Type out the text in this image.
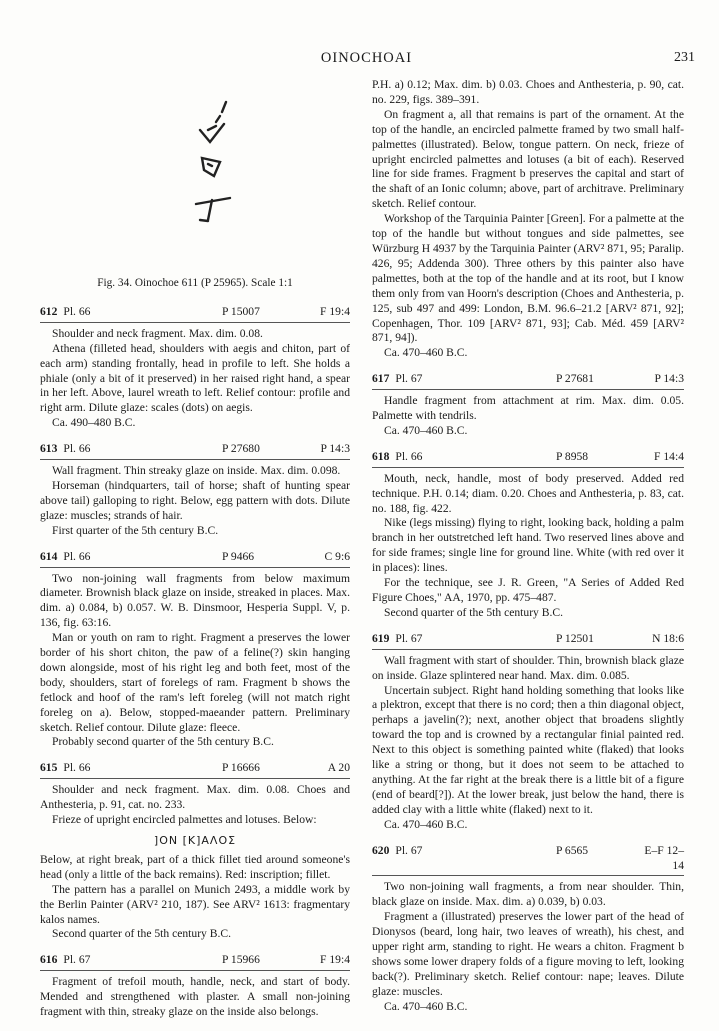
OINOCHOAI	231

Fig. 34. Oinochoe 611 (P 25965). Scale 1:1

612 Pl. 66	P 15007	F 19:4

Shoulder and neck fragment. Max. dim. 0.08.

Athena (filleted head, shoulders with aegis and chiton, part of each arm) standing frontally, head in profile to left. She holds a phiale (only a bit of it preserved) in her raised right hand, a spear in her left. Above, laurel wreath to left. Relief contour: profile and right arm. Dilute glaze: scales (dots) on aegis.

Ca. 490–480 B.C.

613 Pl. 66	P 27680	P 14:3

Wall fragment. Thin streaky glaze on inside. Max. dim. 0.098.

Horseman (hindquarters, tail of horse; shaft of hunting spear above tail) galloping to right. Below, egg pattern with dots. Dilute glaze: muscles; strands of hair.

First quarter of the 5th century B.C.

614 Pl. 66	P 9466	C 9:6

Two non-joining wall fragments from below maximum diameter. Brownish black glaze on inside, streaked in places. Max. dim. a) 0.084, b) 0.057. W. B. Dinsmoor, Hesperia Suppl. V, p. 136, fig. 63:16.

Man or youth on ram to right. Fragment a preserves the lower border of his short chiton, the paw of a feline(?) skin hanging down alongside, most of his right leg and both feet, most of the body, shoulders, start of forelegs of ram. Fragment b shows the fetlock and hoof of the ram's left foreleg (will not match right foreleg on a). Below, stopped-maeander pattern. Preliminary sketch. Relief contour. Dilute glaze: fleece.

Probably second quarter of the 5th century B.C.

615 Pl. 66	P 16666	A 20

Shoulder and neck fragment. Max. dim. 0.08. Choes and Anthesteria, p. 91, cat. no. 233.

Frieze of upright encircled palmettes and lotuses. Below:

]ΟΝ [Κ]ΑΛΟΣ

Below, at right break, part of a thick fillet tied around someone's head (only a little of the back remains). Red: inscription; fillet.

The pattern has a parallel on Munich 2493, a middle work by the Berlin Painter (ARV² 210, 187). See ARV² 1613: fragmentary kalos names.

Second quarter of the 5th century B.C.

616 Pl. 67	P 15966	F 19:4

Fragment of trefoil mouth, handle, neck, and start of body. Mended and strengthened with plaster. A small non-joining fragment with thin, streaky glaze on the inside also belongs.

P.H. a) 0.12; Max. dim. b) 0.03. Choes and Anthesteria, p. 90, cat. no. 229, figs. 389–391.

On fragment a, all that remains is part of the ornament. At the top of the handle, an encircled palmette framed by two small half-palmettes (illustrated). Below, tongue pattern. On neck, frieze of upright encircled palmettes and lotuses (a bit of each). Reserved line for side frames. Fragment b preserves the capital and start of the shaft of an Ionic column; above, part of architrave. Preliminary sketch. Relief contour.

Workshop of the Tarquinia Painter [Green]. For a palmette at the top of the handle but without tongues and side palmettes, see Würzburg H 4937 by the Tarquinia Painter (ARV² 871, 95; Paralip. 426, 95; Addenda 300). Three others by this painter also have palmettes, both at the top of the handle and at its root, but I know them only from van Hoorn's description (Choes and Anthesteria, p. 125, sub 497 and 499: London, B.M. 96.6–21.2 [ARV² 871, 92]; Copenhagen, Thor. 109 [ARV² 871, 93]; Cab. Méd. 459 [ARV² 871, 94]).

Ca. 470–460 B.C.

617 Pl. 67	P 27681	P 14:3

Handle fragment from attachment at rim. Max. dim. 0.05. Palmette with tendrils.

Ca. 470–460 B.C.

618 Pl. 66	P 8958	F 14:4

Mouth, neck, handle, most of body preserved. Added red technique. P.H. 0.14; diam. 0.20. Choes and Anthesteria, p. 83, cat. no. 188, fig. 422.

Nike (legs missing) flying to right, looking back, holding a palm branch in her outstretched left hand. Two reserved lines above and for side frames; single line for ground line. White (with red over it in places): lines.

For the technique, see J. R. Green, "A Series of Added Red Figure Choes," AA, 1970, pp. 475–487.

Second quarter of the 5th century B.C.

619 Pl. 67	P 12501	N 18:6

Wall fragment with start of shoulder. Thin, brownish black glaze on inside. Glaze splintered near hand. Max. dim. 0.085.

Uncertain subject. Right hand holding something that looks like a plektron, except that there is no cord; then a thin diagonal object, perhaps a javelin(?); next, another object that broadens slightly toward the top and is crowned by a rectangular finial painted red. Next to this object is something painted white (flaked) that looks like a string or thong, but it does not seem to be attached to anything. At the far right at the break there is a little bit of a figure (end of beard[?]). At the lower break, just below the hand, there is added clay with a little white (flaked) next to it.

Ca. 470–460 B.C.

620 Pl. 67	P 6565	E–F 12–14

Two non-joining wall fragments, a from near shoulder. Thin, black glaze on inside. Max. dim. a) 0.039, b) 0.03.

Fragment a (illustrated) preserves the lower part of the head of Dionysos (beard, long hair, two leaves of wreath), his chest, and upper right arm, standing to right. He wears a chiton. Fragment b shows some lower drapery folds of a figure moving to left, looking back(?). Preliminary sketch. Relief contour: nape; leaves. Dilute glaze: muscles.

Ca. 470–460 B.C.
